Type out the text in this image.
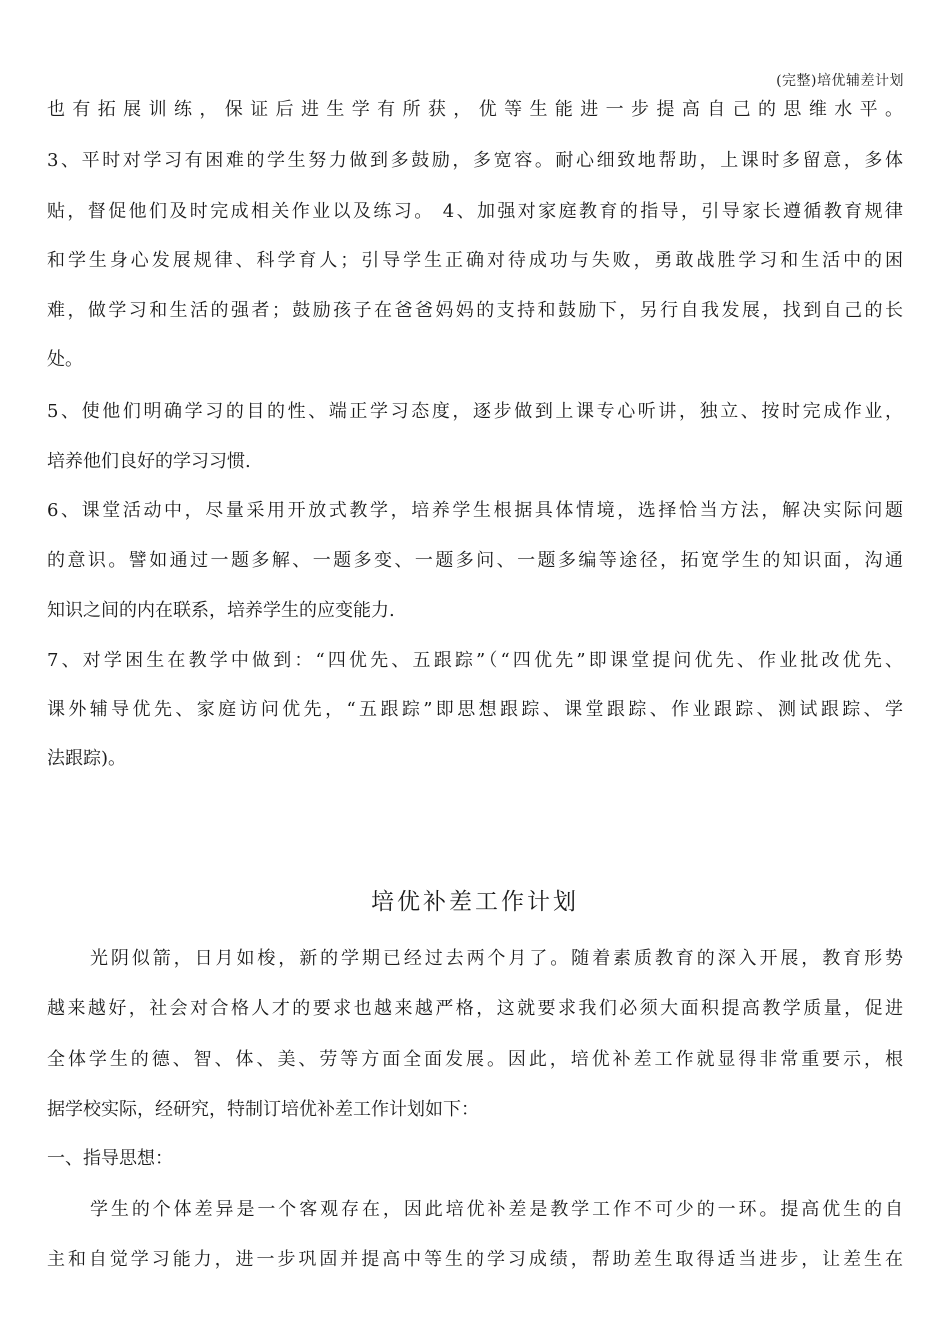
(完整)培优辅差计划
也有拓展训练，保证后进生学有所获，优等生能进一步提高自己的思维水平。
3、平时对学习有困难的学生努力做到多鼓励，多宽容。耐心细致地帮助，上课时多留意，多体
贴，督促他们及时完成相关作业以及练习。 4、加强对家庭教育的指导，引导家长遵循教育规律
和学生身心发展规律、科学育人；引导学生正确对待成功与失败，勇敢战胜学习和生活中的困
难，做学习和生活的强者；鼓励孩子在爸爸妈妈的支持和鼓励下，另行自我发展，找到自己的长
处。
5、使他们明确学习的目的性、端正学习态度，逐步做到上课专心听讲，独立、按时完成作业，
培养他们良好的学习习惯.
6、课堂活动中，尽量采用开放式教学，培养学生根据具体情境，选择恰当方法，解决实际问题
的意识。譬如通过一题多解、一题多变、一题多问、一题多编等途径，拓宽学生的知识面，沟通
知识之间的内在联系，培养学生的应变能力.
7、对学困生在教学中做到：“四优先、五跟踪”（“四优先”即课堂提问优先、作业批改优先、
课外辅导优先、家庭访问优先，“五跟踪”即思想跟踪、课堂跟踪、作业跟踪、测试跟踪、学
法跟踪)。
培优补差工作计划
光阴似箭，日月如梭，新的学期已经过去两个月了。随着素质教育的深入开展，教育形势
越来越好，社会对合格人才的要求也越来越严格，这就要求我们必须大面积提高教学质量，促进
全体学生的德、智、体、美、劳等方面全面发展。因此，培优补差工作就显得非常重要示，根
据学校实际，经研究，特制订培优补差工作计划如下：
一、指导思想：
学生的个体差异是一个客观存在，因此培优补差是教学工作不可少的一环。提高优生的自
主和自觉学习能力，进一步巩固并提高中等生的学习成绩，帮助差生取得适当进步，让差生在
